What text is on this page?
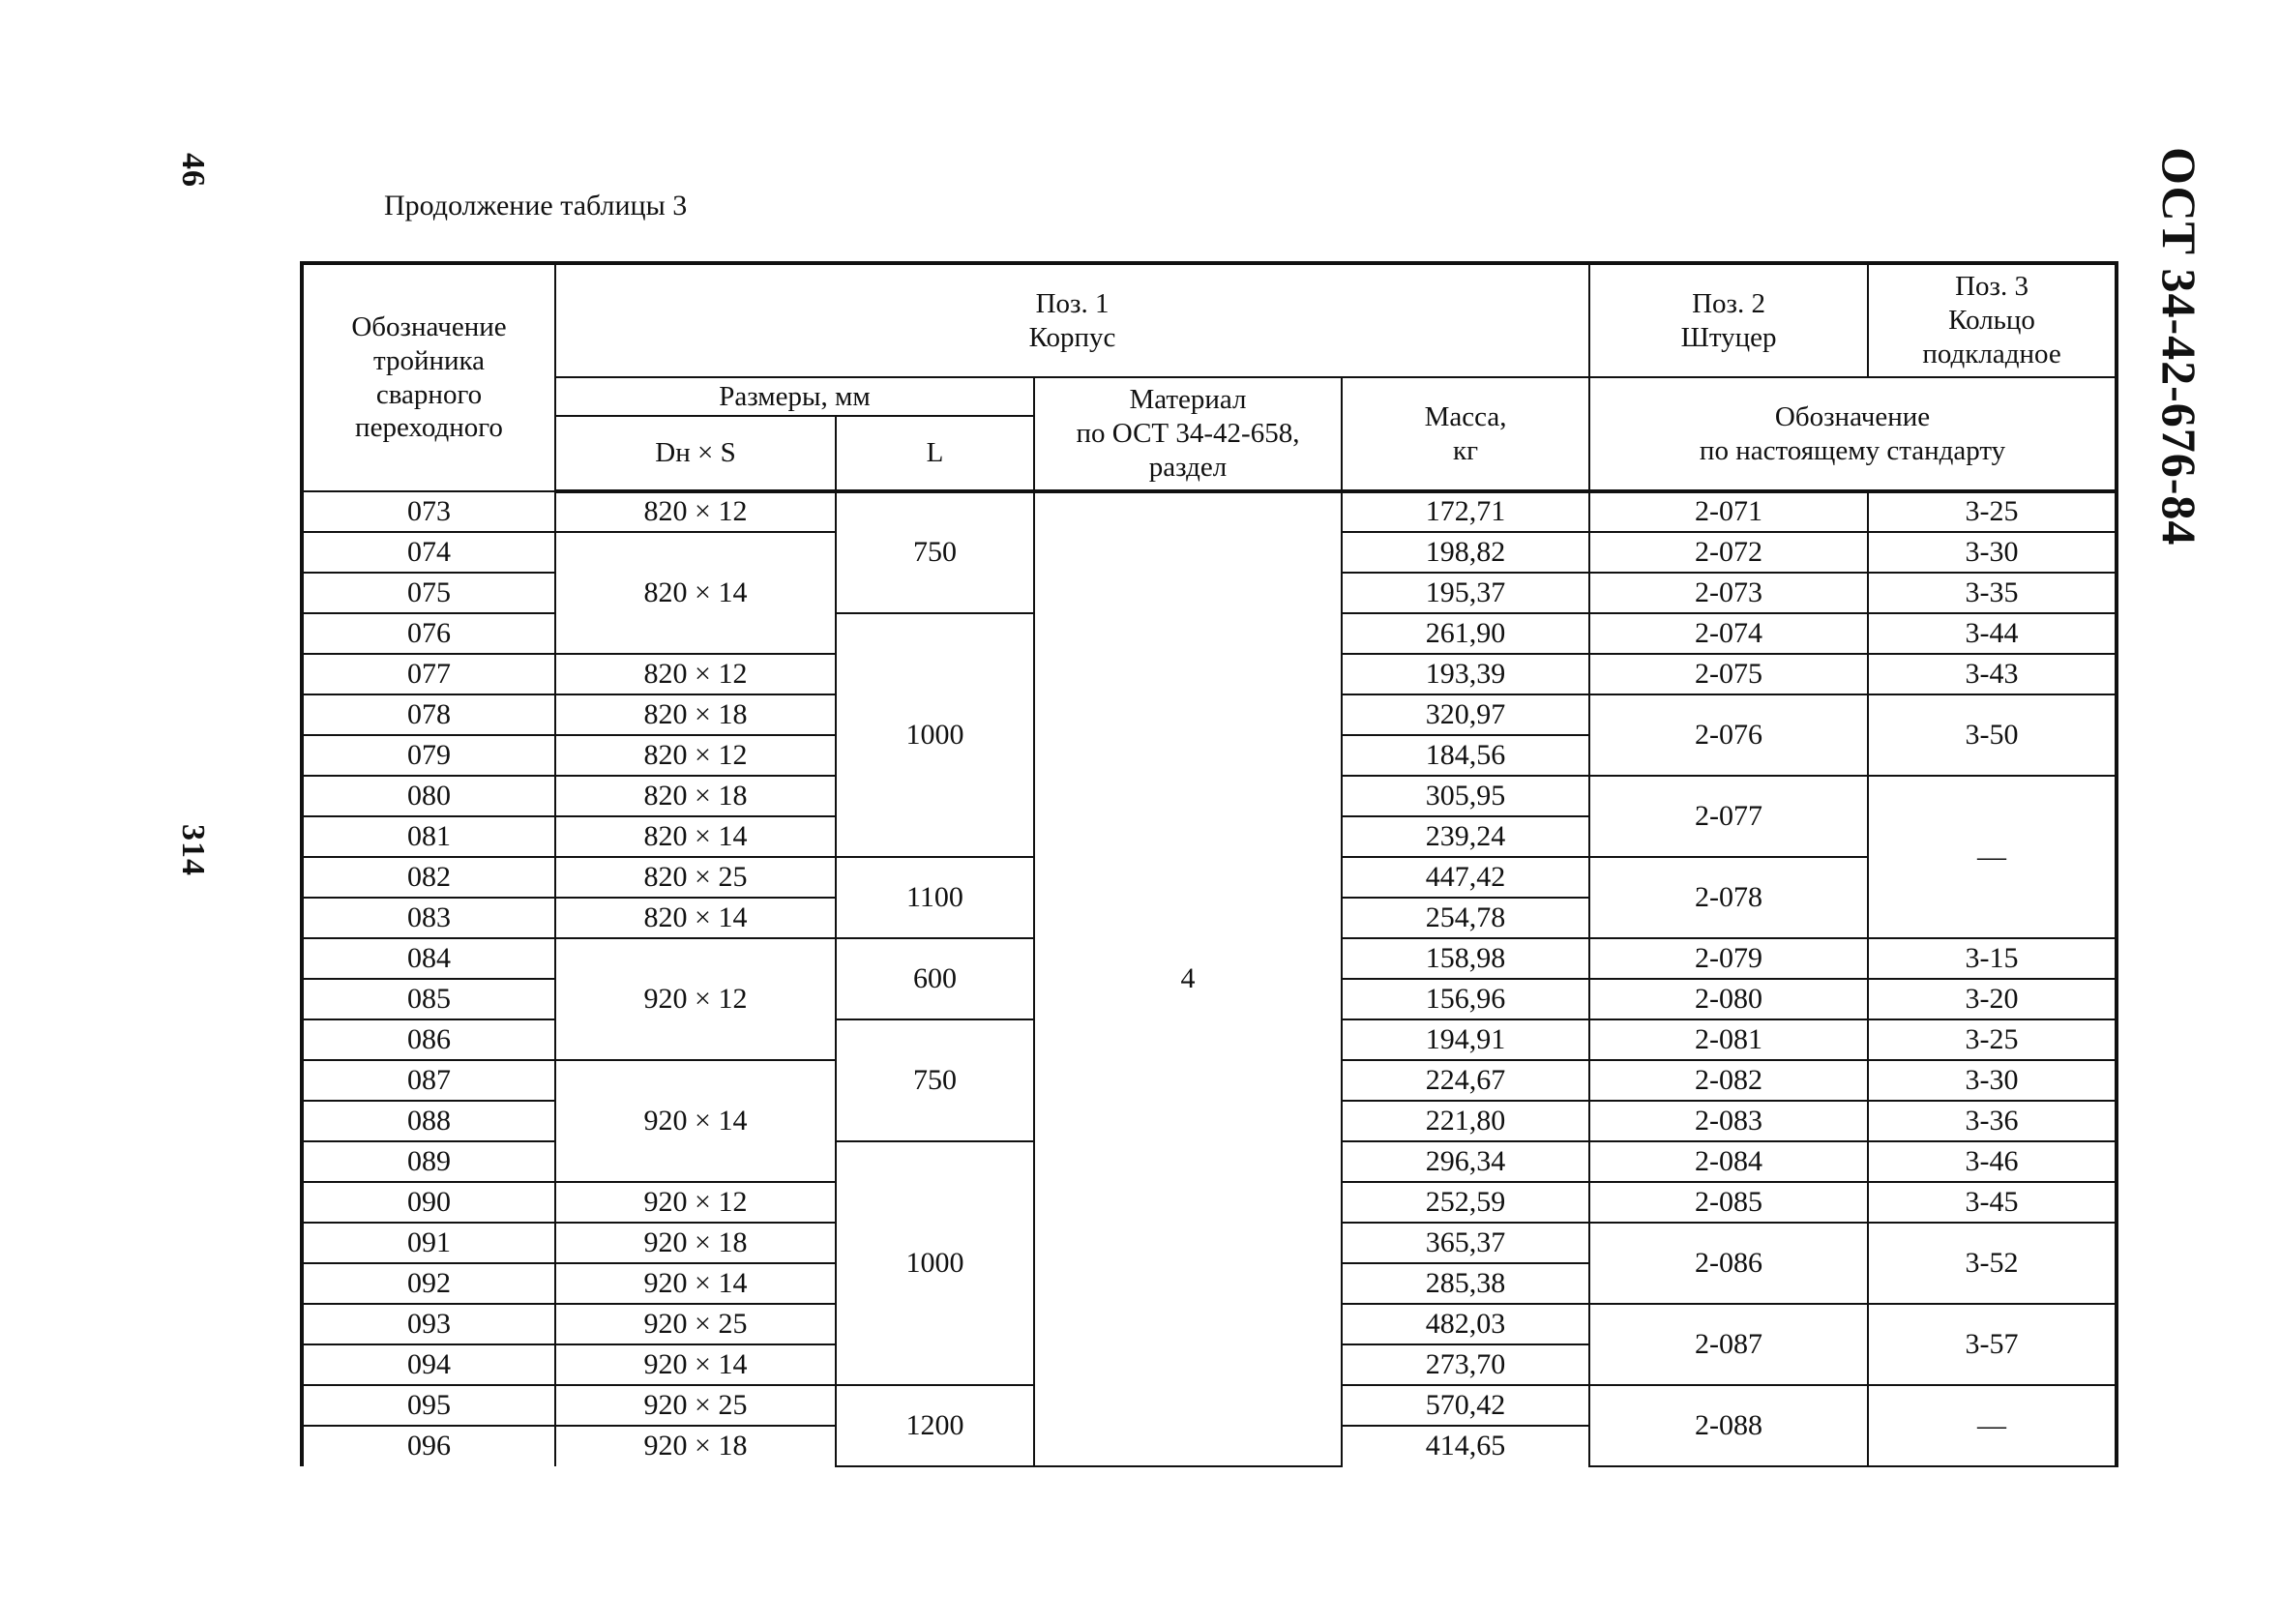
46
314
ОСТ 34-42-676-84
Продолжение таблицы 3
Обозначение
тройника
сварного
переходного	Поз. 1
Корпус				Поз. 2
Штуцер	Поз. 3
Кольцо
подкладное

	Размеры, мм		Материал
по ОСТ 34-42-658,
раздел	Масса,
кг	Обозначение
по настоящему стандарту	

	Dн × S	L				
073	820 × 12	750	4	172,71	2-071	3-25
074	820 × 14			198,82	2-072	3-30
075				195,37	2-073	3-35
076		1000		261,90	2-074	3-44
077	820 × 12			193,39	2-075	3-43
078	820 × 18			320,97	2-076	3-50
079	820 × 12			184,56		
080	820 × 18			305,95	2-077	—
081	820 × 14			239,24		
082	820 × 25	1100		447,42	2-078	
083	820 × 14			254,78		
084	920 × 12	600		158,98	2-079	3-15
085				156,96	2-080	3-20
086		750		194,91	2-081	3-25
087	920 × 14			224,67	2-082	3-30
088				221,80	2-083	3-36
089		1000		296,34	2-084	3-46
090	920 × 12			252,59	2-085	3-45
091	920 × 18			365,37	2-086	3-52
092	920 × 14			285,38		
093	920 × 25			482,03	2-087	3-57
094	920 × 14			273,70		
095	920 × 25	1200		570,42	2-088	—
096	920 × 18			414,65		
